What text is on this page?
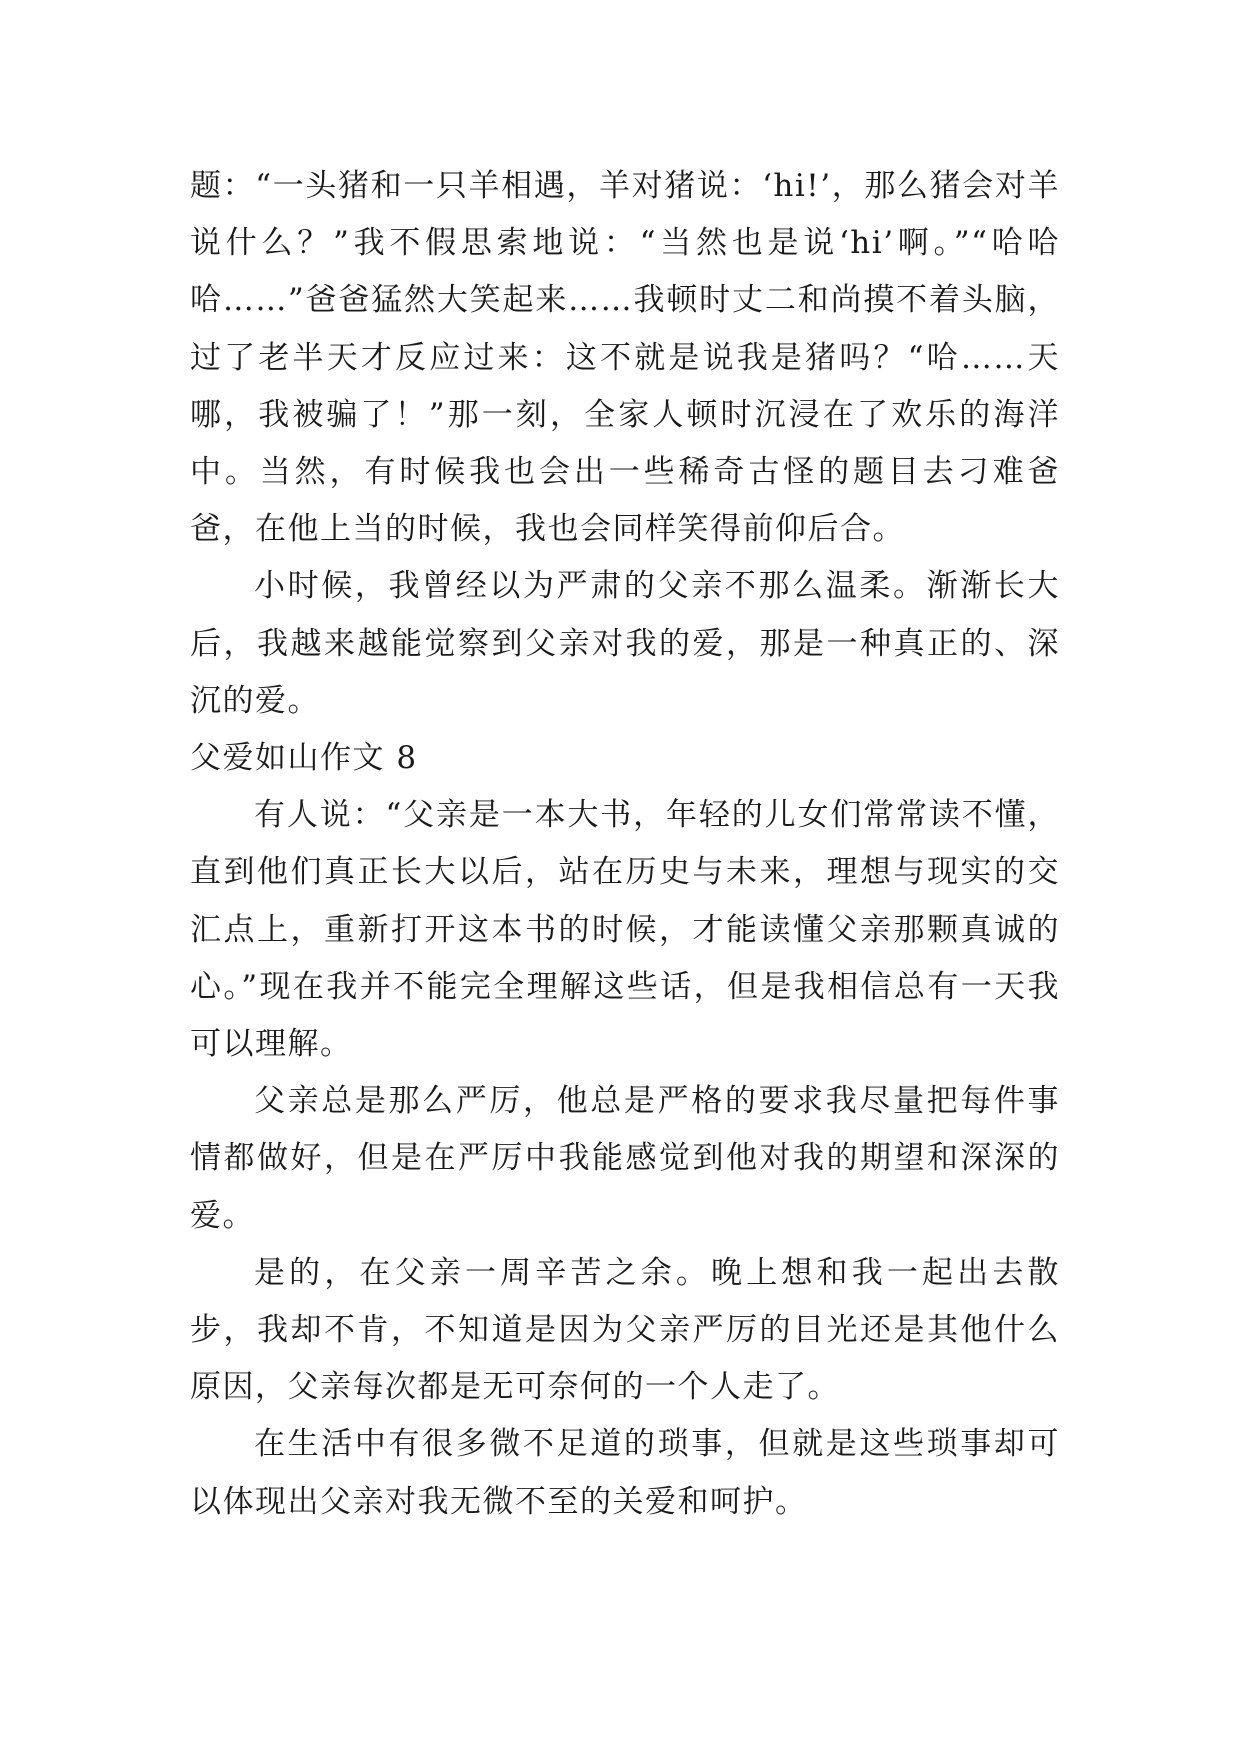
题：“一头猪和一只羊相遇，羊对猪说：‘hi!’，那么猪会对羊说什么？”我不假思索地说：“当然也是说‘hi’啊。”“哈哈哈……”爸爸猛然大笑起来……我顿时丈二和尚摸不着头脑，过了老半天才反应过来：这不就是说我是猪吗？“哈……天哪，我被骗了！”那一刻，全家人顿时沉浸在了欢乐的海洋中。当然，有时候我也会出一些稀奇古怪的题目去刁难爸爸，在他上当的时候，我也会同样笑得前仰后合。

小时候，我曾经以为严肃的父亲不那么温柔。渐渐长大后，我越来越能觉察到父亲对我的爱，那是一种真正的、深沉的爱。

父爱如山作文 8

有人说：“父亲是一本大书，年轻的儿女们常常读不懂，直到他们真正长大以后，站在历史与未来，理想与现实的交汇点上，重新打开这本书的时候，才能读懂父亲那颗真诚的心。”现在我并不能完全理解这些话，但是我相信总有一天我可以理解。

父亲总是那么严厉，他总是严格的要求我尽量把每件事情都做好，但是在严厉中我能感觉到他对我的期望和深深的爱。

是的，在父亲一周辛苦之余。晚上想和我一起出去散步，我却不肯，不知道是因为父亲严厉的目光还是其他什么原因，父亲每次都是无可奈何的一个人走了。

在生活中有很多微不足道的琐事，但就是这些琐事却可以体现出父亲对我无微不至的关爱和呵护。
